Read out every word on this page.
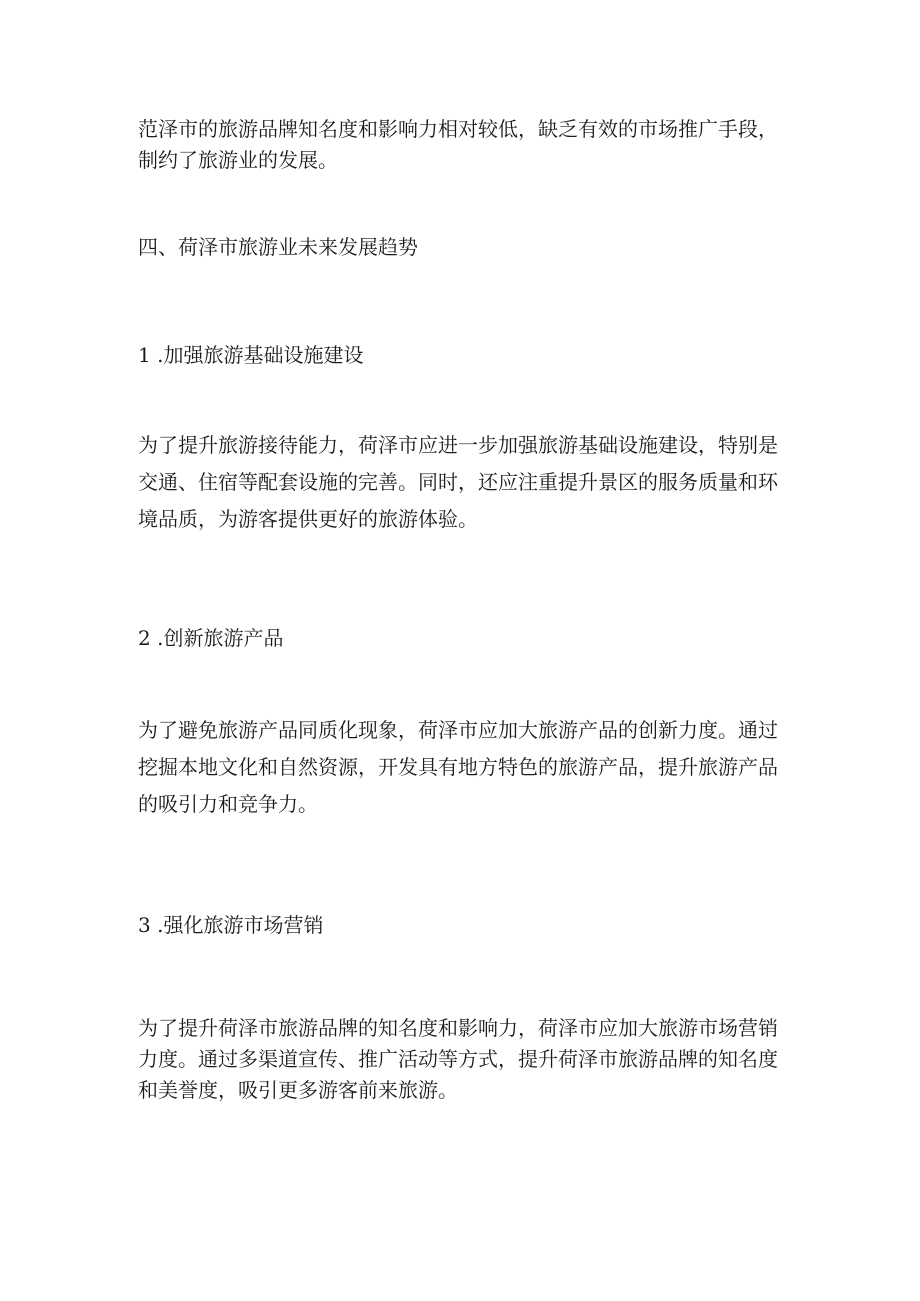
范泽市的旅游品牌知名度和影响力相对较低，缺乏有效的市场推广手段，制约了旅游业的发展。

四、荷泽市旅游业未来发展趋势

1 .加强旅游基础设施建设

为了提升旅游接待能力，荷泽市应进一步加强旅游基础设施建设，特别是交通、住宿等配套设施的完善。同时，还应注重提升景区的服务质量和环境品质，为游客提供更好的旅游体验。

2 .创新旅游产品

为了避免旅游产品同质化现象，荷泽市应加大旅游产品的创新力度。通过挖掘本地文化和自然资源，开发具有地方特色的旅游产品，提升旅游产品的吸引力和竞争力。

3 .强化旅游市场营销

为了提升荷泽市旅游品牌的知名度和影响力，荷泽市应加大旅游市场营销力度。通过多渠道宣传、推广活动等方式，提升荷泽市旅游品牌的知名度和美誉度，吸引更多游客前来旅游。
